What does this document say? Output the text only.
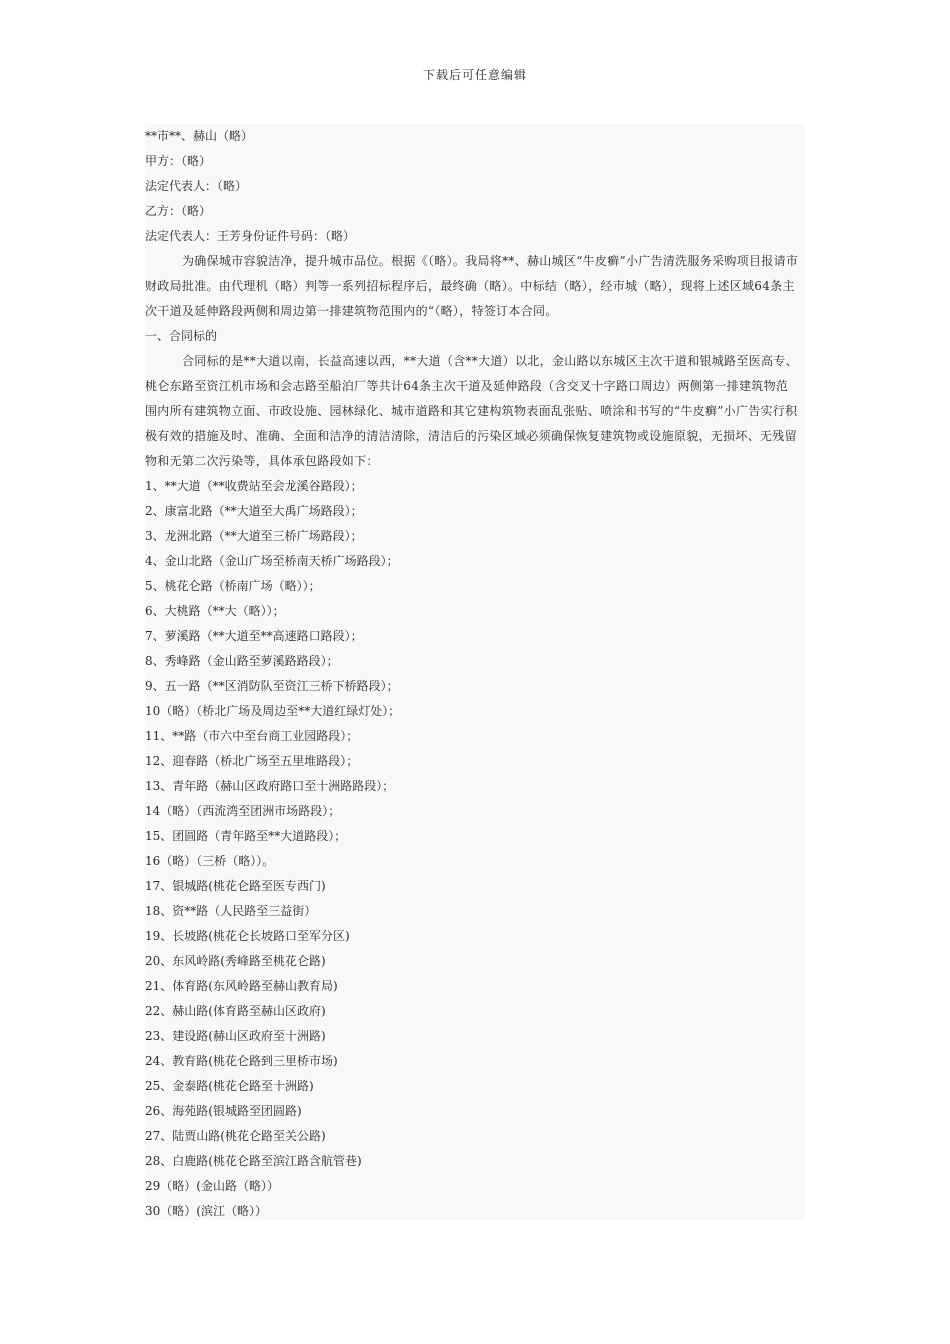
下载后可任意编辑

**市**、赫山（略）

甲方：（略）

法定代表人：（略）

乙方：（略）

法定代表人：王芳身份证件号码：（略）

为确保城市容貌洁净，提升城市品位。根据《（略）。我局将**、赫山城区“牛皮癣”小广告清洗服务采购项目报请市财政局批准。由代理机（略）判等一系列招标程序后，最终确（略）。中标结（略），经市城（略），现将上述区域64条主次干道及延伸路段两侧和周边第一排建筑物范围内的“（略），特签订本合同。

一、合同标的

合同标的是**大道以南，长益高速以西，**大道（含**大道）以北，金山路以东城区主次干道和银城路至医高专、桃仑东路至资江机市场和会志路至船泊厂等共计64条主次干道及延伸路段（含交叉十字路口周边）两侧第一排建筑物范围内所有建筑物立面、市政设施、园林绿化、城市道路和其它建构筑物表面乱张贴、喷涂和书写的“牛皮癣”小广告实行积极有效的措施及时、准确、全面和洁净的清洁清除，清洁后的污染区域必须确保恢复建筑物或设施原貌，无损坏、无残留物和无第二次污染等，具体承包路段如下：

1、**大道（**收费站至会龙溪谷路段）；

2、康富北路（**大道至大禹广场路段）；

3、龙洲北路（**大道至三桥广场路段）；

4、金山北路（金山广场至桥南天桥广场路段）；

5、桃花仑路（桥南广场（略））；

6、大桃路（**大（略））；

7、萝溪路（**大道至**高速路口路段）；

8、秀峰路（金山路至萝溪路路段）；

9、五一路（**区消防队至资江三桥下桥路段）；

10（略）（桥北广场及周边至**大道红绿灯处）；

11、**路（市六中至台商工业园路段）；

12、迎春路（桥北广场至五里堆路段）；

13、青年路（赫山区政府路口至十洲路路段）；

14（略）（西流湾至团洲市场路段）；

15、团圆路（青年路至**大道路段）；

16（略）（三桥（略））。

17、银城路(桃花仑路至医专西门)

18、资**路（人民路至三益街）

19、长坡路(桃花仑长坡路口至军分区)

20、东风岭路(秀峰路至桃花仑路)

21、体育路(东风岭路至赫山教育局)

22、赫山路(体育路至赫山区政府)

23、建设路(赫山区政府至十洲路)

24、教育路(桃花仑路到三里桥市场)

25、金泰路(桃花仑路至十洲路)

26、海苑路(银城路至团圆路)

27、陆贾山路(桃花仑路至关公路)

28、白鹿路(桃花仑路至滨江路含航管巷)

29（略）(金山路（略））

30（略）(滨江（略））
